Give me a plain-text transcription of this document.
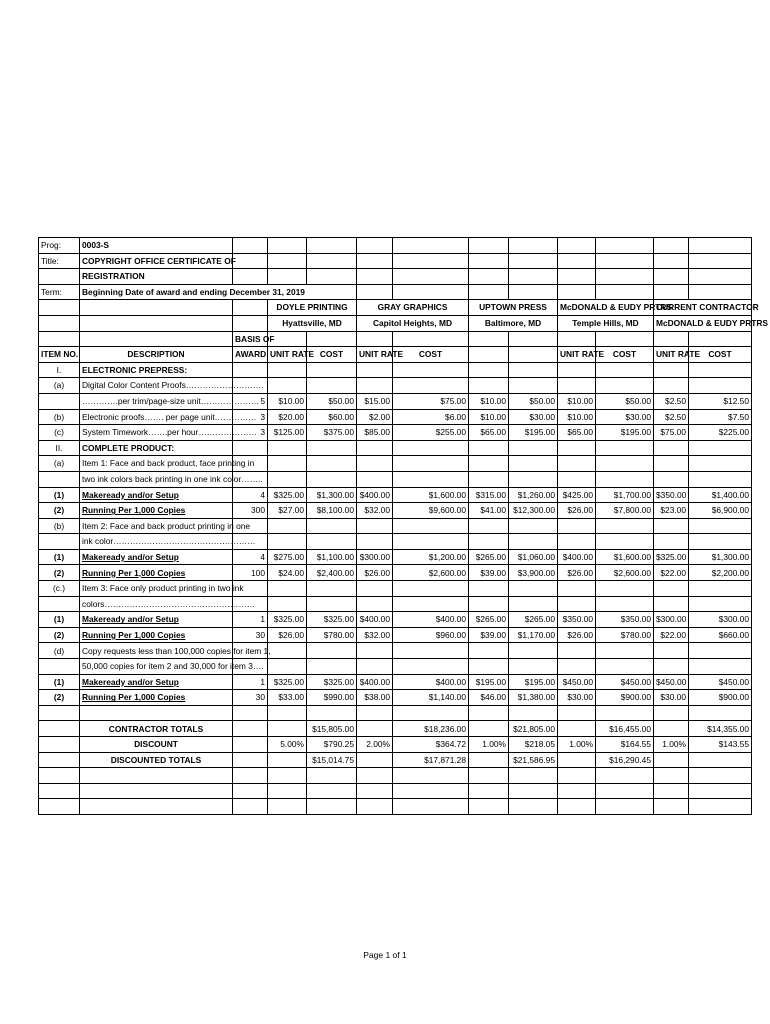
Prog:	0003-S											
Title:	COPYRIGHT OFFICE CERTIFICATE OF											
	REGISTRATION											
Term:	Beginning Date of award and ending December 31, 2019											
			DOYLE PRINTING		GRAY GRAPHICS		UPTOWN PRESS		McDONALD & EUDY PRTRS		CURRENT CONTRACTOR	
			Hyattsville, MD		Capitol Heights, MD		Baltimore, MD		Temple Hills, MD		McDONALD & EUDY PRTRS	
		BASIS OF										
ITEM NO.	DESCRIPTION	AWARD	UNIT RATE	COST	UNIT RATE	COST			UNIT RATE	COST	UNIT RATE	COST
I.	ELECTRONIC PREPRESS:											
(a)	Digital Color Content Proofs……………………….											
	………….per trim/page-size unit…………………	5	$10.00	$50.00	$15.00	$75.00	$10.00	$50.00	$10.00	$50.00	$2.50	$12.50
(b)	Electronic proofs……. per page unit……………	3	$20.00	$60.00	$2.00	$6.00	$10.00	$30.00	$10.00	$30.00	$2.50	$7.50
(c)	System Timework…….per hour…………………	3	$125.00	$375.00	$85.00	$255.00	$65.00	$195.00	$65.00	$195.00	$75.00	$225.00
II.	COMPLETE PRODUCT:											
(a)	Item 1: Face and back product, face printing in											
	two ink colors back printing in one ink color……..											
(1)	Makeready and/or Setup	4	$325.00	$1,300.00	$400.00	$1,600.00	$315.00	$1,260.00	$425.00	$1,700.00	$350.00	$1,400.00
(2)	Running Per 1,000 Copies	300	$27.00	$8,100.00	$32.00	$9,600.00	$41.00	$12,300.00	$26.00	$7,800.00	$23.00	$6,900.00
(b)	Item 2: Face and back product printing in one											
	ink color……………………………………………											
(1)	Makeready and/or Setup	4	$275.00	$1,100.00	$300.00	$1,200.00	$265.00	$1,060.00	$400.00	$1,600.00	$325.00	$1,300.00
(2)	Running Per 1,000 Copies	100	$24.00	$2,400.00	$26.00	$2,600.00	$39.00	$3,900.00	$26.00	$2,600.00	$22.00	$2,200.00
(c.)	Item 3: Face only product printing in two ink											
	colors………………………………………………											
(1)	Makeready and/or Setup	1	$325.00	$325.00	$400.00	$400.00	$265.00	$265.00	$350.00	$350.00	$300.00	$300.00
(2)	Running Per 1,000 Copies	30	$26.00	$780.00	$32.00	$960.00	$39.00	$1,170.00	$26.00	$780.00	$22.00	$660.00
(d)	Copy requests less than 100,000 copies for item 1,											
	50,000 copies for item 2 and 30,000 for item 3….											
(1)	Makeready and/or Setup	1	$325.00	$325.00	$400.00	$400.00	$195.00	$195.00	$450.00	$450.00	$450.00	$450.00
(2)	Running Per 1,000 Copies	30	$33.00	$990.00	$38.00	$1,140.00	$46.00	$1,380.00	$30.00	$900.00	$30.00	$900.00

	CONTRACTOR TOTALS			$15,805.00		$18,236.00		$21,805.00		$16,455.00		$14,355.00
	DISCOUNT		5.00%	$790.25	2.00%	$364.72	1.00%	$218.05	1.00%	$164.55	1.00%	$143.55
	DISCOUNTED TOTALS			$15,014.75		$17,871.28		$21,586.95		$16,290.45		

Page 1 of 1
